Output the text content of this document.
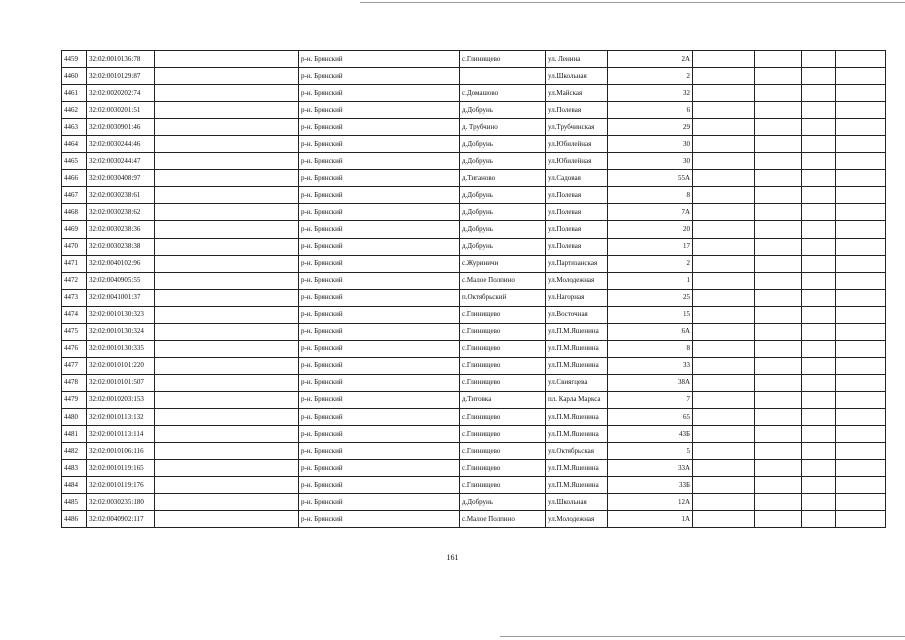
4459	32:02:0010136:78		р-н. Брянский	с.Глинищево	ул. Ленина	2А				
4460	32:02:0010129:87		р-н. Брянский		ул.Школьная	2				
4461	32:02:0020202:74		р-н. Брянский	с.Домашово	ул.Майская	32				
4462	32:02:0030201:51		р-н. Брянский	д.Добрунь	ул.Полевая	6				
4463	32:02:0030901:46		р-н. Брянский	д. Трубчино	ул.Трубчинская	29				
4464	32:02:0030244:46		р-н. Брянский	д.Добрунь	ул.Юбилейная	30				
4465	32:02:0030244:47		р-н. Брянский	д.Добрунь	ул.Юбилейная	30				
4466	32:02:0030408:97		р-н. Брянский	д.Тиганово	ул.Садовая	55А				
4467	32:02:0030238:61		р-н. Брянский	д.Добрунь	ул.Полевая	8				
4468	32:02:0030238:62		р-н. Брянский	д.Добрунь	ул.Полевая	7А				
4469	32:02:0030238:36		р-н. Брянский	д.Добрунь	ул.Полевая	20				
4470	32:02:0030238:38		р-н. Брянский	д.Добрунь	ул.Полевая	17				
4471	32:02:0040102:96		р-н. Брянский	с.Журиничи	ул.Партизанская	2				
4472	32:02:0040905:55		р-н. Брянский	с.Малое Полпино	ул.Молодежная	1				
4473	32:02:0041001:37		р-н. Брянский	п.Октябрьский	ул.Нагорная	25				
4474	32:02:0010130:323		р-н. Брянский	с.Глинищево	ул.Восточная	15				
4475	32:02:0010130:324		р-н. Брянский	с.Глинищево	ул.П.М.Яшенина	6А				
4476	32:02:0010130:335		р-н. Брянский	с.Глинищево	ул.П.М.Яшенина	8				
4477	32:02:0010101:220		р-н. Брянский	с.Глинищево	ул.П.М.Яшенина	33				
4478	32:02:0010101:507		р-н. Брянский	с.Глинищево	ул.Свиягцева	38А				
4479	32:02:0010203:153		р-н. Брянский	д.Титовка	пл. Карла Маркса	7				
4480	32:02:0010113:132		р-н. Брянский	с.Глинищево	ул.П.М.Яшенина	65				
4481	32:02:0010113:114		р-н. Брянский	с.Глинищево	ул.П.М.Яшенина	43Б				
4482	32:02:0010106:116		р-н. Брянский	с.Глинищево	ул.Октябрьская	5				
4483	32:02:0010119:165		р-н. Брянский	с.Глинищево	ул.П.М.Яшенина	33А				
4484	32:02:0010119:176		р-н. Брянский	с.Глинищево	ул.П.М.Яшенина	33Б				
4485	32:02:0030235:180		р-н. Брянский	д.Добрунь	ул.Школьная	12А				
4486	32:02:0040902:117		р-н. Брянский	с.Малое Полпино	ул.Молодежная	1А				
161
